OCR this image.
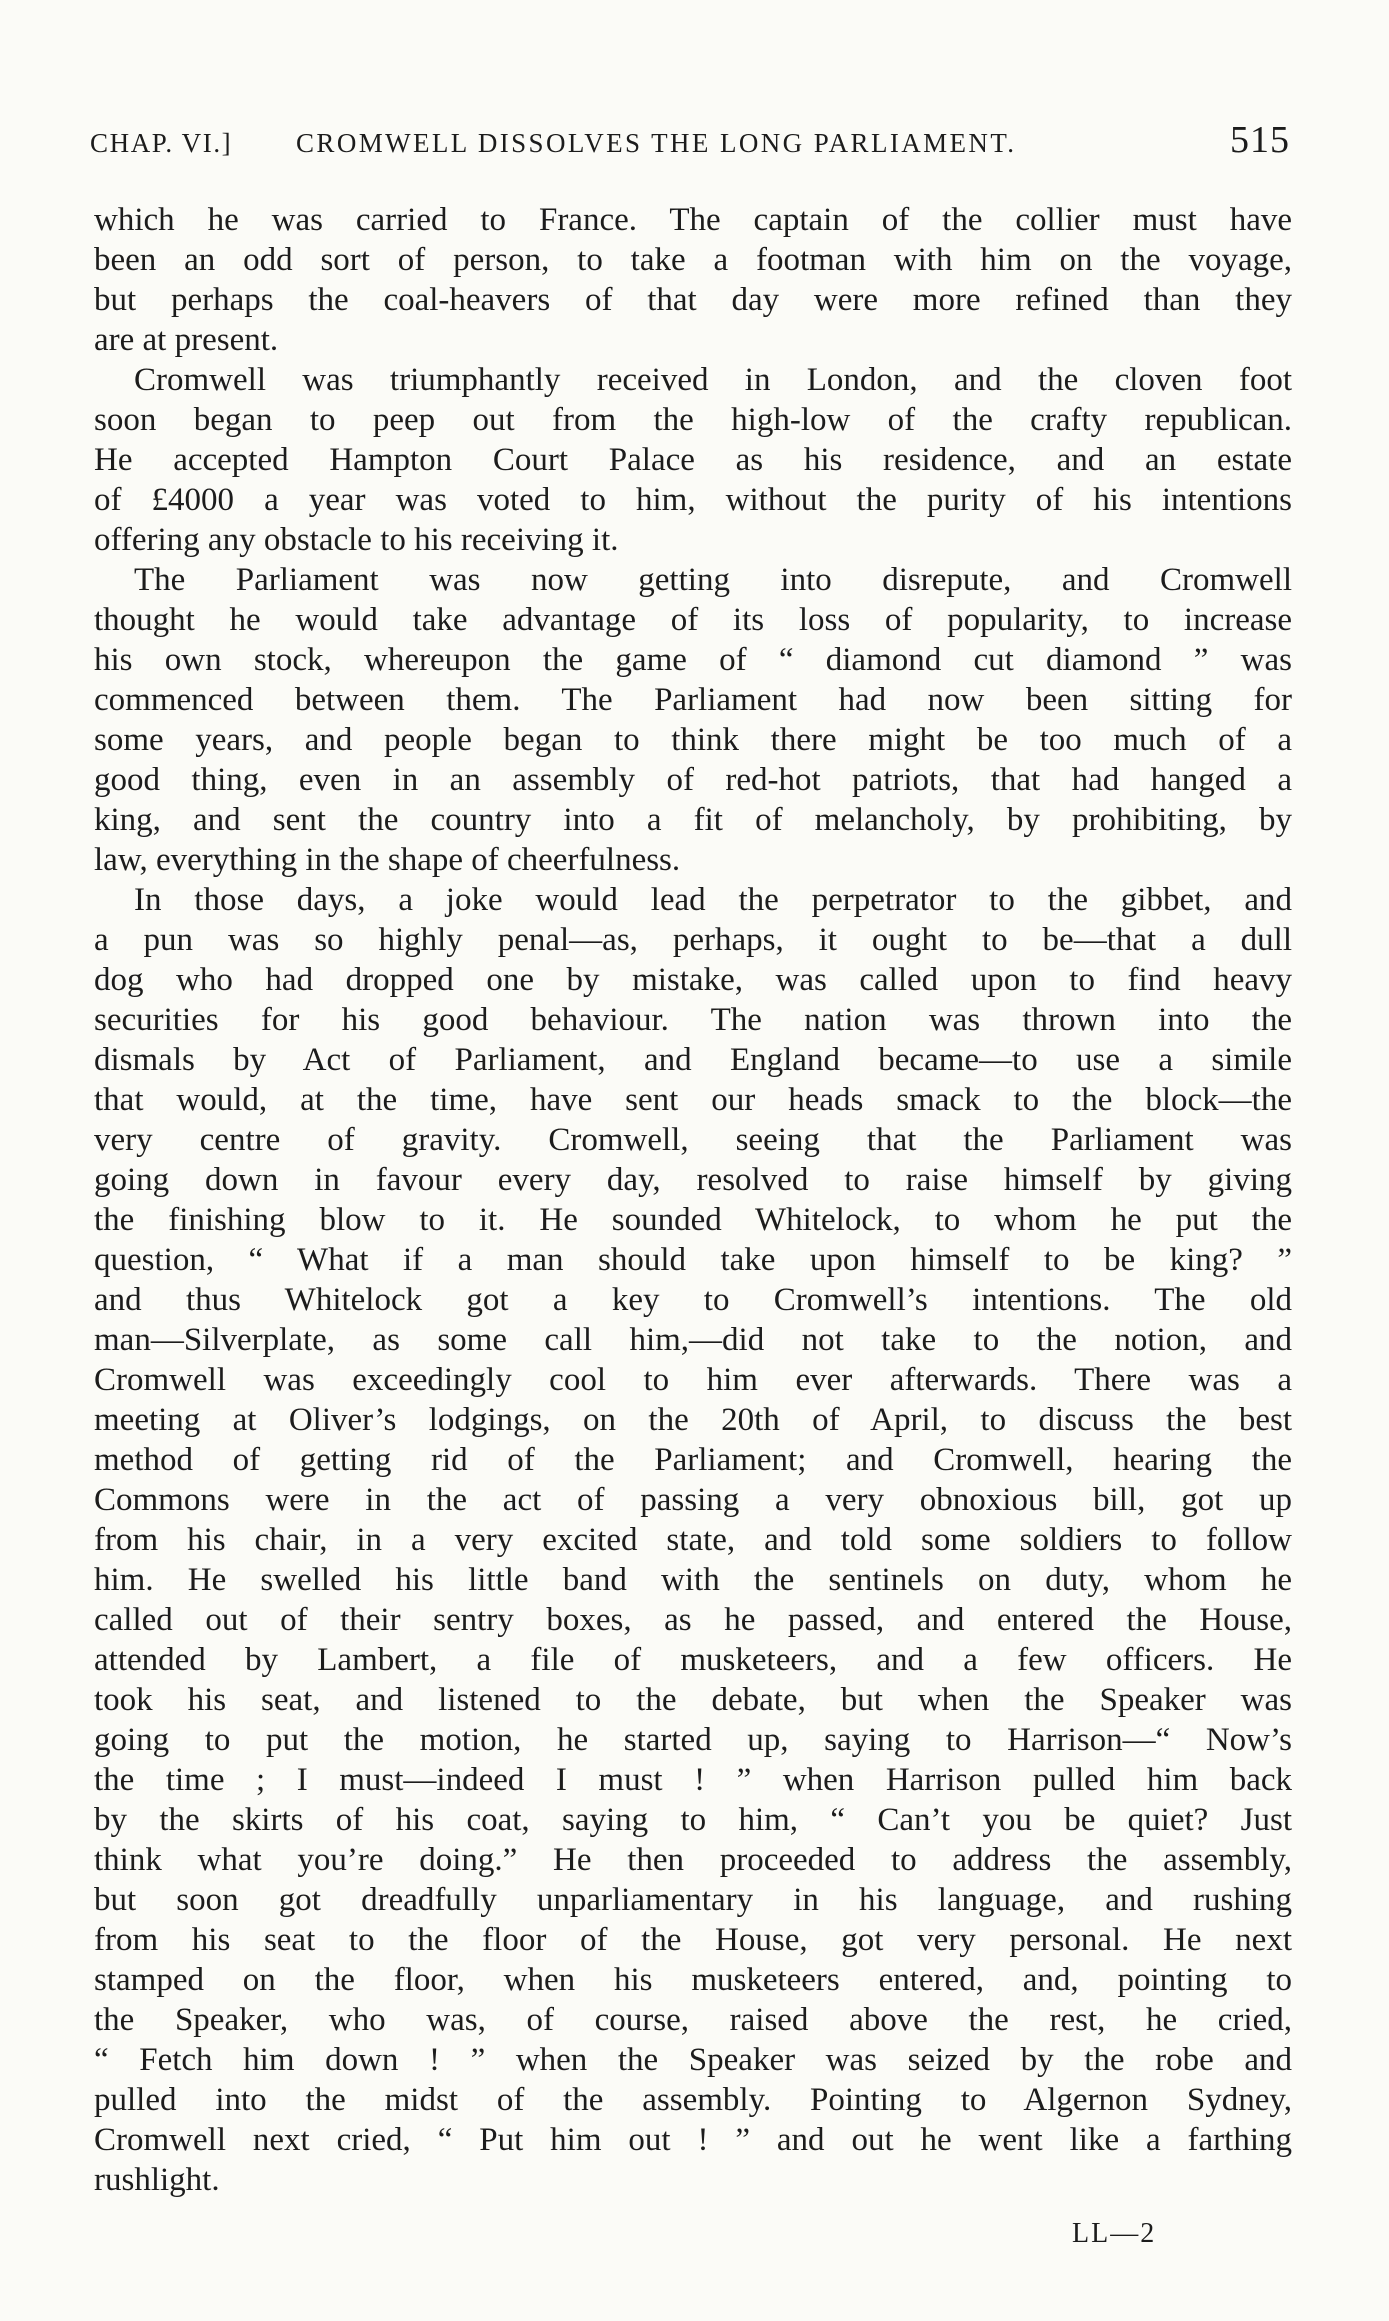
CHAP. VI.] CROMWELL DISSOLVES THE LONG PARLIAMENT.	515
which he was carried to France. The captain of the collier must have
been an odd sort of person, to take a footman with him on the voyage,
but perhaps the coal-heavers of that day were more refined than they
are at present.
Cromwell was triumphantly received in London, and the cloven foot
soon began to peep out from the high-low of the crafty republican.
He accepted Hampton Court Palace as his residence, and an estate
of £4000 a year was voted to him, without the purity of his intentions
offering any obstacle to his receiving it.
The Parliament was now getting into disrepute, and Cromwell
thought he would take advantage of its loss of popularity, to increase
his own stock, whereupon the game of “ diamond cut diamond ” was
commenced between them. The Parliament had now been sitting for
some years, and people began to think there might be too much of a
good thing, even in an assembly of red-hot patriots, that had hanged a
king, and sent the country into a fit of melancholy, by prohibiting, by
law, everything in the shape of cheerfulness.
In those days, a joke would lead the perpetrator to the gibbet, and
a pun was so highly penal—as, perhaps, it ought to be—that a dull
dog who had dropped one by mistake, was called upon to find heavy
securities for his good behaviour. The nation was thrown into the
dismals by Act of Parliament, and England became—to use a simile
that would, at the time, have sent our heads smack to the block—the
very centre of gravity. Cromwell, seeing that the Parliament was
going down in favour every day, resolved to raise himself by giving
the finishing blow to it. He sounded Whitelock, to whom he put the
question, “ What if a man should take upon himself to be king? ”
and thus Whitelock got a key to Cromwell’s intentions. The old
man—Silverplate, as some call him,—did not take to the notion, and
Cromwell was exceedingly cool to him ever afterwards. There was a
meeting at Oliver’s lodgings, on the 20th of April, to discuss the best
method of getting rid of the Parliament; and Cromwell, hearing the
Commons were in the act of passing a very obnoxious bill, got up
from his chair, in a very excited state, and told some soldiers to follow
him. He swelled his little band with the sentinels on duty, whom he
called out of their sentry boxes, as he passed, and entered the House,
attended by Lambert, a file of musketeers, and a few officers. He
took his seat, and listened to the debate, but when the Speaker was
going to put the motion, he started up, saying to Harrison—“ Now’s
the time ; I must—indeed I must ! ” when Harrison pulled him back
by the skirts of his coat, saying to him, “ Can’t you be quiet? Just
think what you’re doing.” He then proceeded to address the assembly,
but soon got dreadfully unparliamentary in his language, and rushing
from his seat to the floor of the House, got very personal. He next
stamped on the floor, when his musketeers entered, and, pointing to
the Speaker, who was, of course, raised above the rest, he cried,
“ Fetch him down ! ” when the Speaker was seized by the robe and
pulled into the midst of the assembly. Pointing to Algernon Sydney,
Cromwell next cried, “ Put him out ! ” and out he went like a farthing
rushlight.
LL—2
